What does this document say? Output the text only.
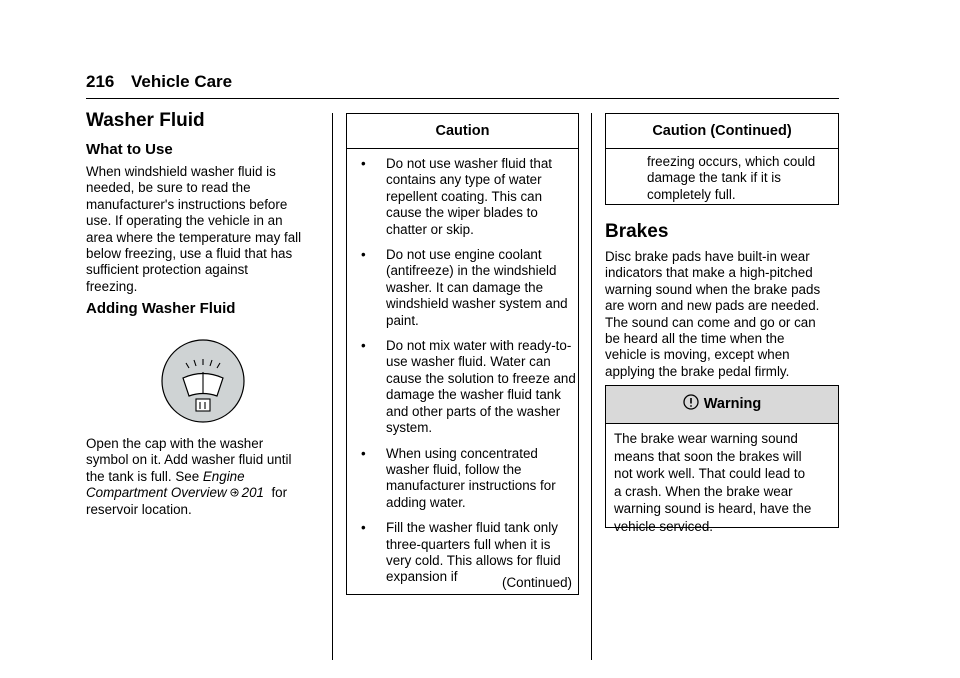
216 Vehicle Care
Washer Fluid
What to Use
When windshield washer fluid is
needed, be sure to read the
manufacturer's instructions before
use. If operating the vehicle in an
area where the temperature may fall
below freezing, use a fluid that has
sufficient protection against
freezing.
Adding Washer Fluid
Open the cap with the washer
symbol on it. Add washer fluid until
the tank is full. See Engine
Compartment Overview 201 for
reservoir location.
Caution
• Do not use washer fluid that contains any type of water repellent coating. This can cause the wiper blades to chatter or skip.
• Do not use engine coolant (antifreeze) in the windshield washer. It can damage the windshield washer system and paint.
• Do not mix water with ready-to-use washer fluid. Water can cause the solution to freeze and damage the washer fluid tank and other parts of the washer system.
• When using concentrated washer fluid, follow the manufacturer instructions for adding water.
• Fill the washer fluid tank only three-quarters full when it is very cold. This allows for fluid expansion if	(Continued)
Caution (Continued)
freezing occurs, which could
damage the tank if it is
completely full.
Brakes
Disc brake pads have built-in wear
indicators that make a high-pitched
warning sound when the brake pads
are worn and new pads are needed.
The sound can come and go or can
be heard all the time when the
vehicle is moving, except when
applying the brake pedal firmly.
Warning
The brake wear warning sound
means that soon the brakes will
not work well. That could lead to
a crash. When the brake wear
warning sound is heard, have the
vehicle serviced.
